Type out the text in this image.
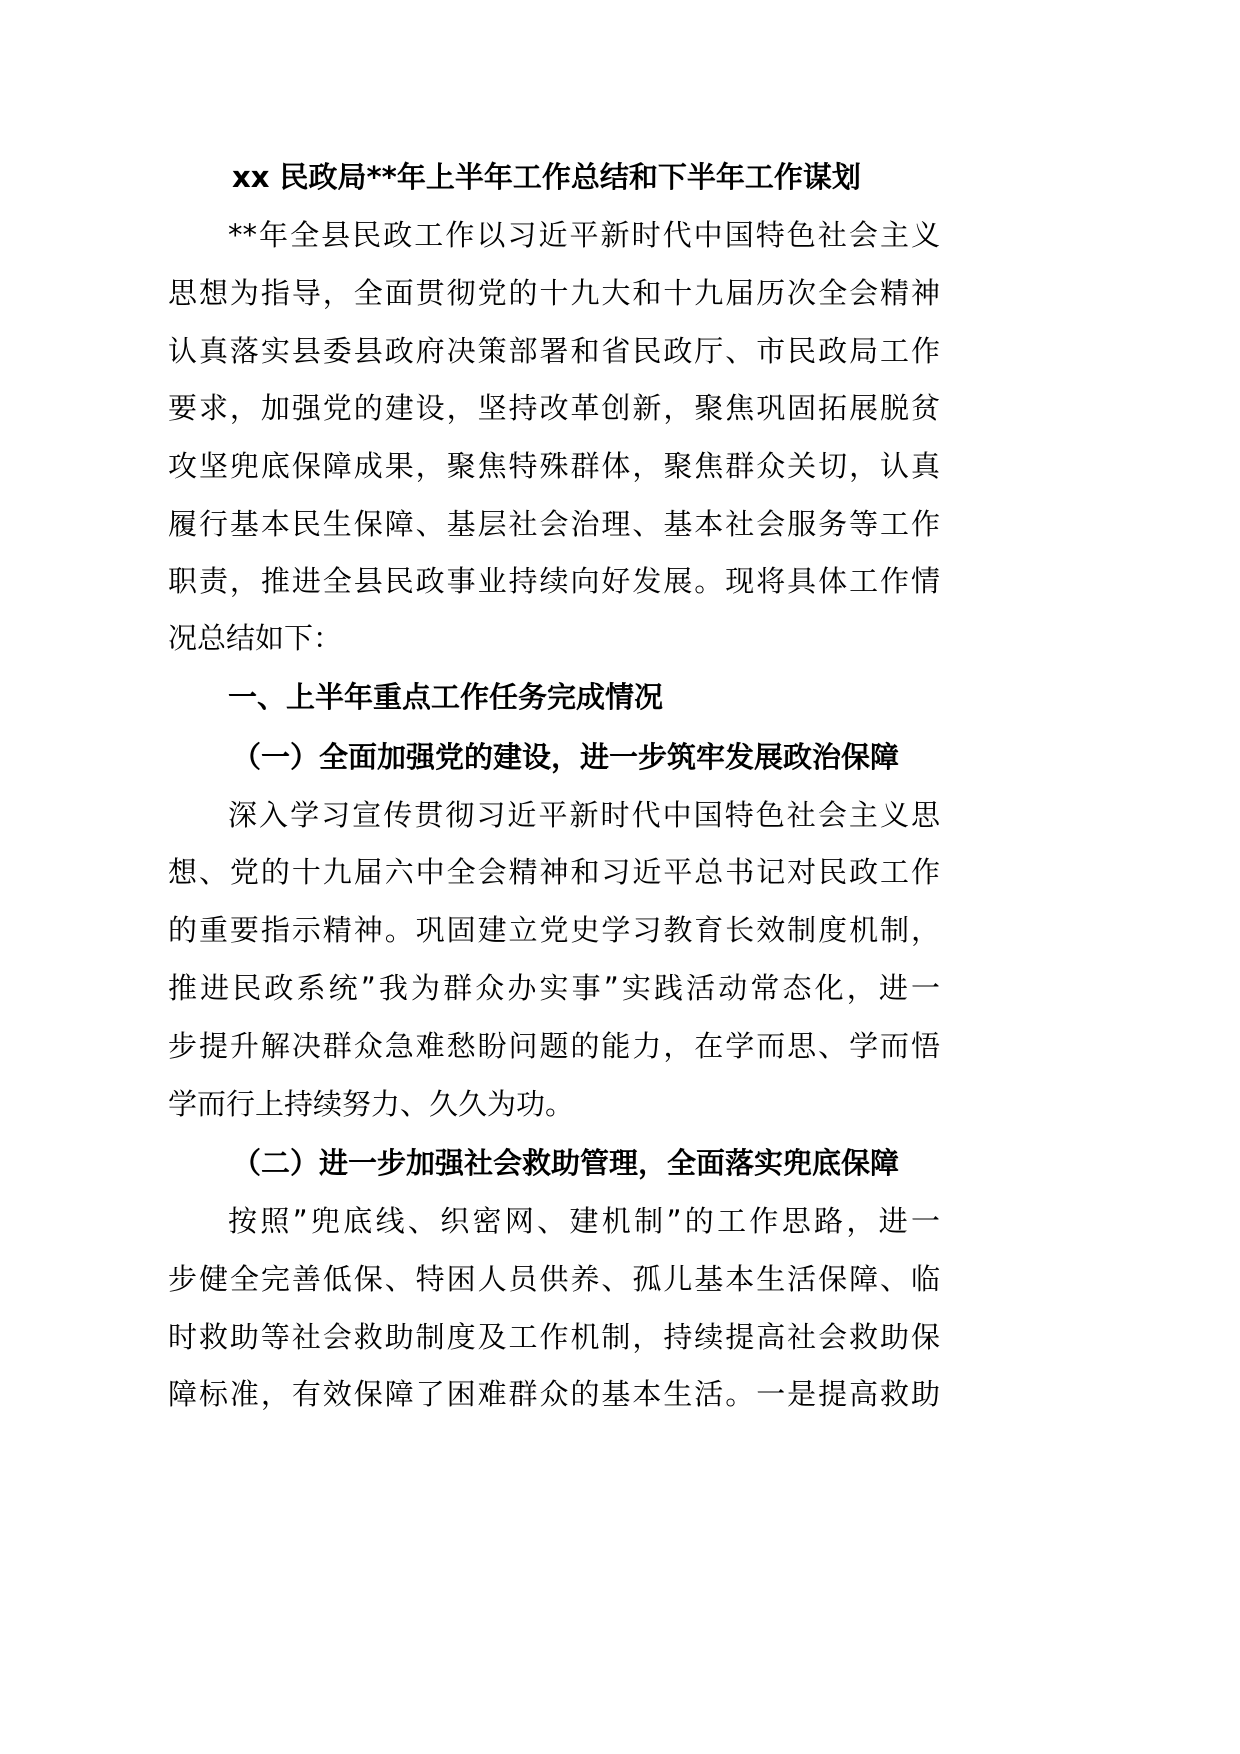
xx 民政局**年上半年工作总结和下半年工作谋划
**年全县民政工作以习近平新时代中国特色社会主义
思想为指导，全面贯彻党的十九大和十九届历次全会精神
认真落实县委县政府决策部署和省民政厅、市民政局工作
要求，加强党的建设，坚持改革创新，聚焦巩固拓展脱贫
攻坚兜底保障成果，聚焦特殊群体，聚焦群众关切，认真
履行基本民生保障、基层社会治理、基本社会服务等工作
职责，推进全县民政事业持续向好发展。现将具体工作情
况总结如下：
一、上半年重点工作任务完成情况
（一）全面加强党的建设，进一步筑牢发展政治保障
深入学习宣传贯彻习近平新时代中国特色社会主义思
想、党的十九届六中全会精神和习近平总书记对民政工作
的重要指示精神。巩固建立党史学习教育长效制度机制，
推进民政系统”我为群众办实事”实践活动常态化，进一
步提升解决群众急难愁盼问题的能力，在学而思、学而悟
学而行上持续努力、久久为功。
（二）进一步加强社会救助管理，全面落实兜底保障
按照”兜底线、织密网、建机制”的工作思路，进一
步健全完善低保、特困人员供养、孤儿基本生活保障、临
时救助等社会救助制度及工作机制，持续提高社会救助保
障标准，有效保障了困难群众的基本生活。一是提高救助
